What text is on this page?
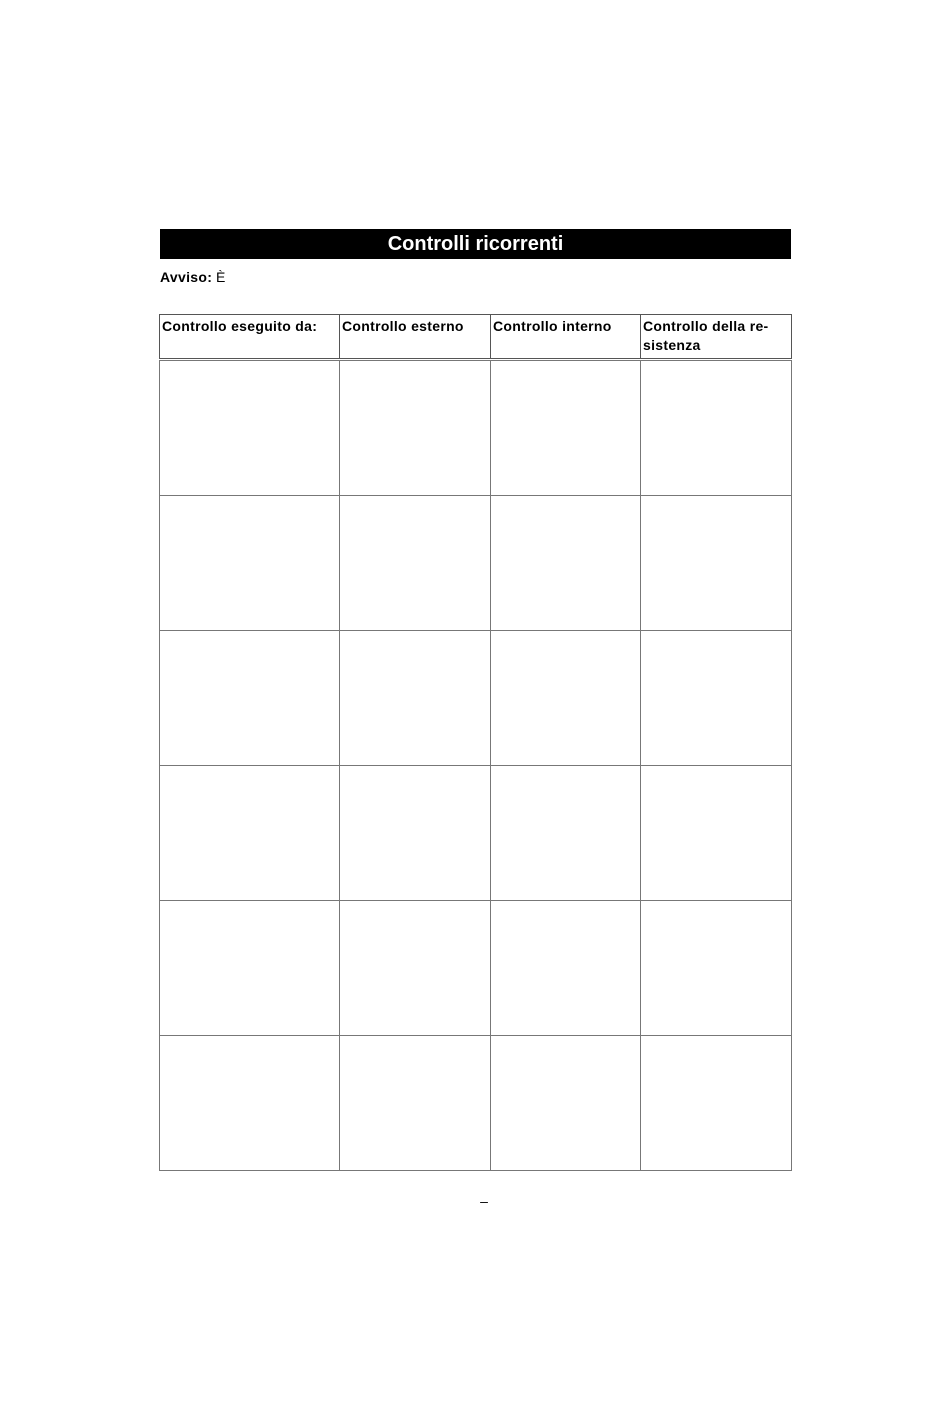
Controlli ricorrenti
Avviso: È
Controllo eseguito da:	Controllo esterno	Controllo interno	Controllo della re-
sistenza

–
